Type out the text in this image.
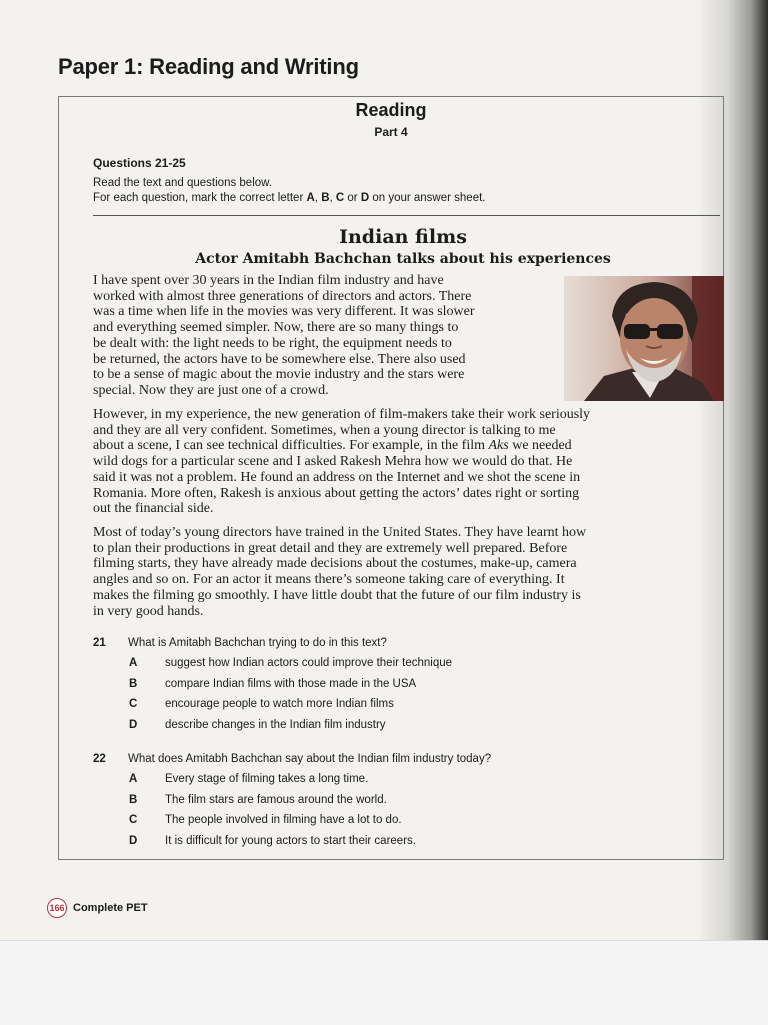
Paper 1: Reading and Writing
Reading
Part 4
Questions 21-25
Read the text and questions below.
For each question, mark the correct letter A, B, C or D on your answer sheet.
Indian films
Actor Amitabh Bachchan talks about his experiences

I have spent over 30 years in the Indian film industry and have
worked with almost three generations of directors and actors. There
was a time when life in the movies was very different. It was slower
and everything seemed simpler. Now, there are so many things to
be dealt with: the light needs to be right, the equipment needs to
be returned, the actors have to be somewhere else. There also used
to be a sense of magic about the movie industry and the stars were
special. Now they are just one of a crowd.

However, in my experience, the new generation of film-makers take their work seriously
and they are all very confident. Sometimes, when a young director is talking to me
about a scene, I can see technical difficulties. For example, in the film Aks we needed
wild dogs for a particular scene and I asked Rakesh Mehra how we would do that. He
said it was not a problem. He found an address on the Internet and we shot the scene in
Romania. More often, Rakesh is anxious about getting the actors’ dates right or sorting
out the financial side.

Most of today’s young directors have trained in the United States. They have learnt how
to plan their productions in great detail and they are extremely well prepared. Before
filming starts, they have already made decisions about the costumes, make-up, camera
angles and so on. For an actor it means there’s someone taking care of everything. It
makes the filming go smoothly. I have little doubt that the future of our film industry is
in very good hands.

21 What is Amitabh Bachchan trying to do in this text?
A suggest how Indian actors could improve their technique
B compare Indian films with those made in the USA
C encourage people to watch more Indian films
D describe changes in the Indian film industry
22 What does Amitabh Bachchan say about the Indian film industry today?
A Every stage of filming takes a long time.
B The film stars are famous around the world.
C The people involved in filming have a lot to do.
D It is difficult for young actors to start their careers.
166 Complete PET
